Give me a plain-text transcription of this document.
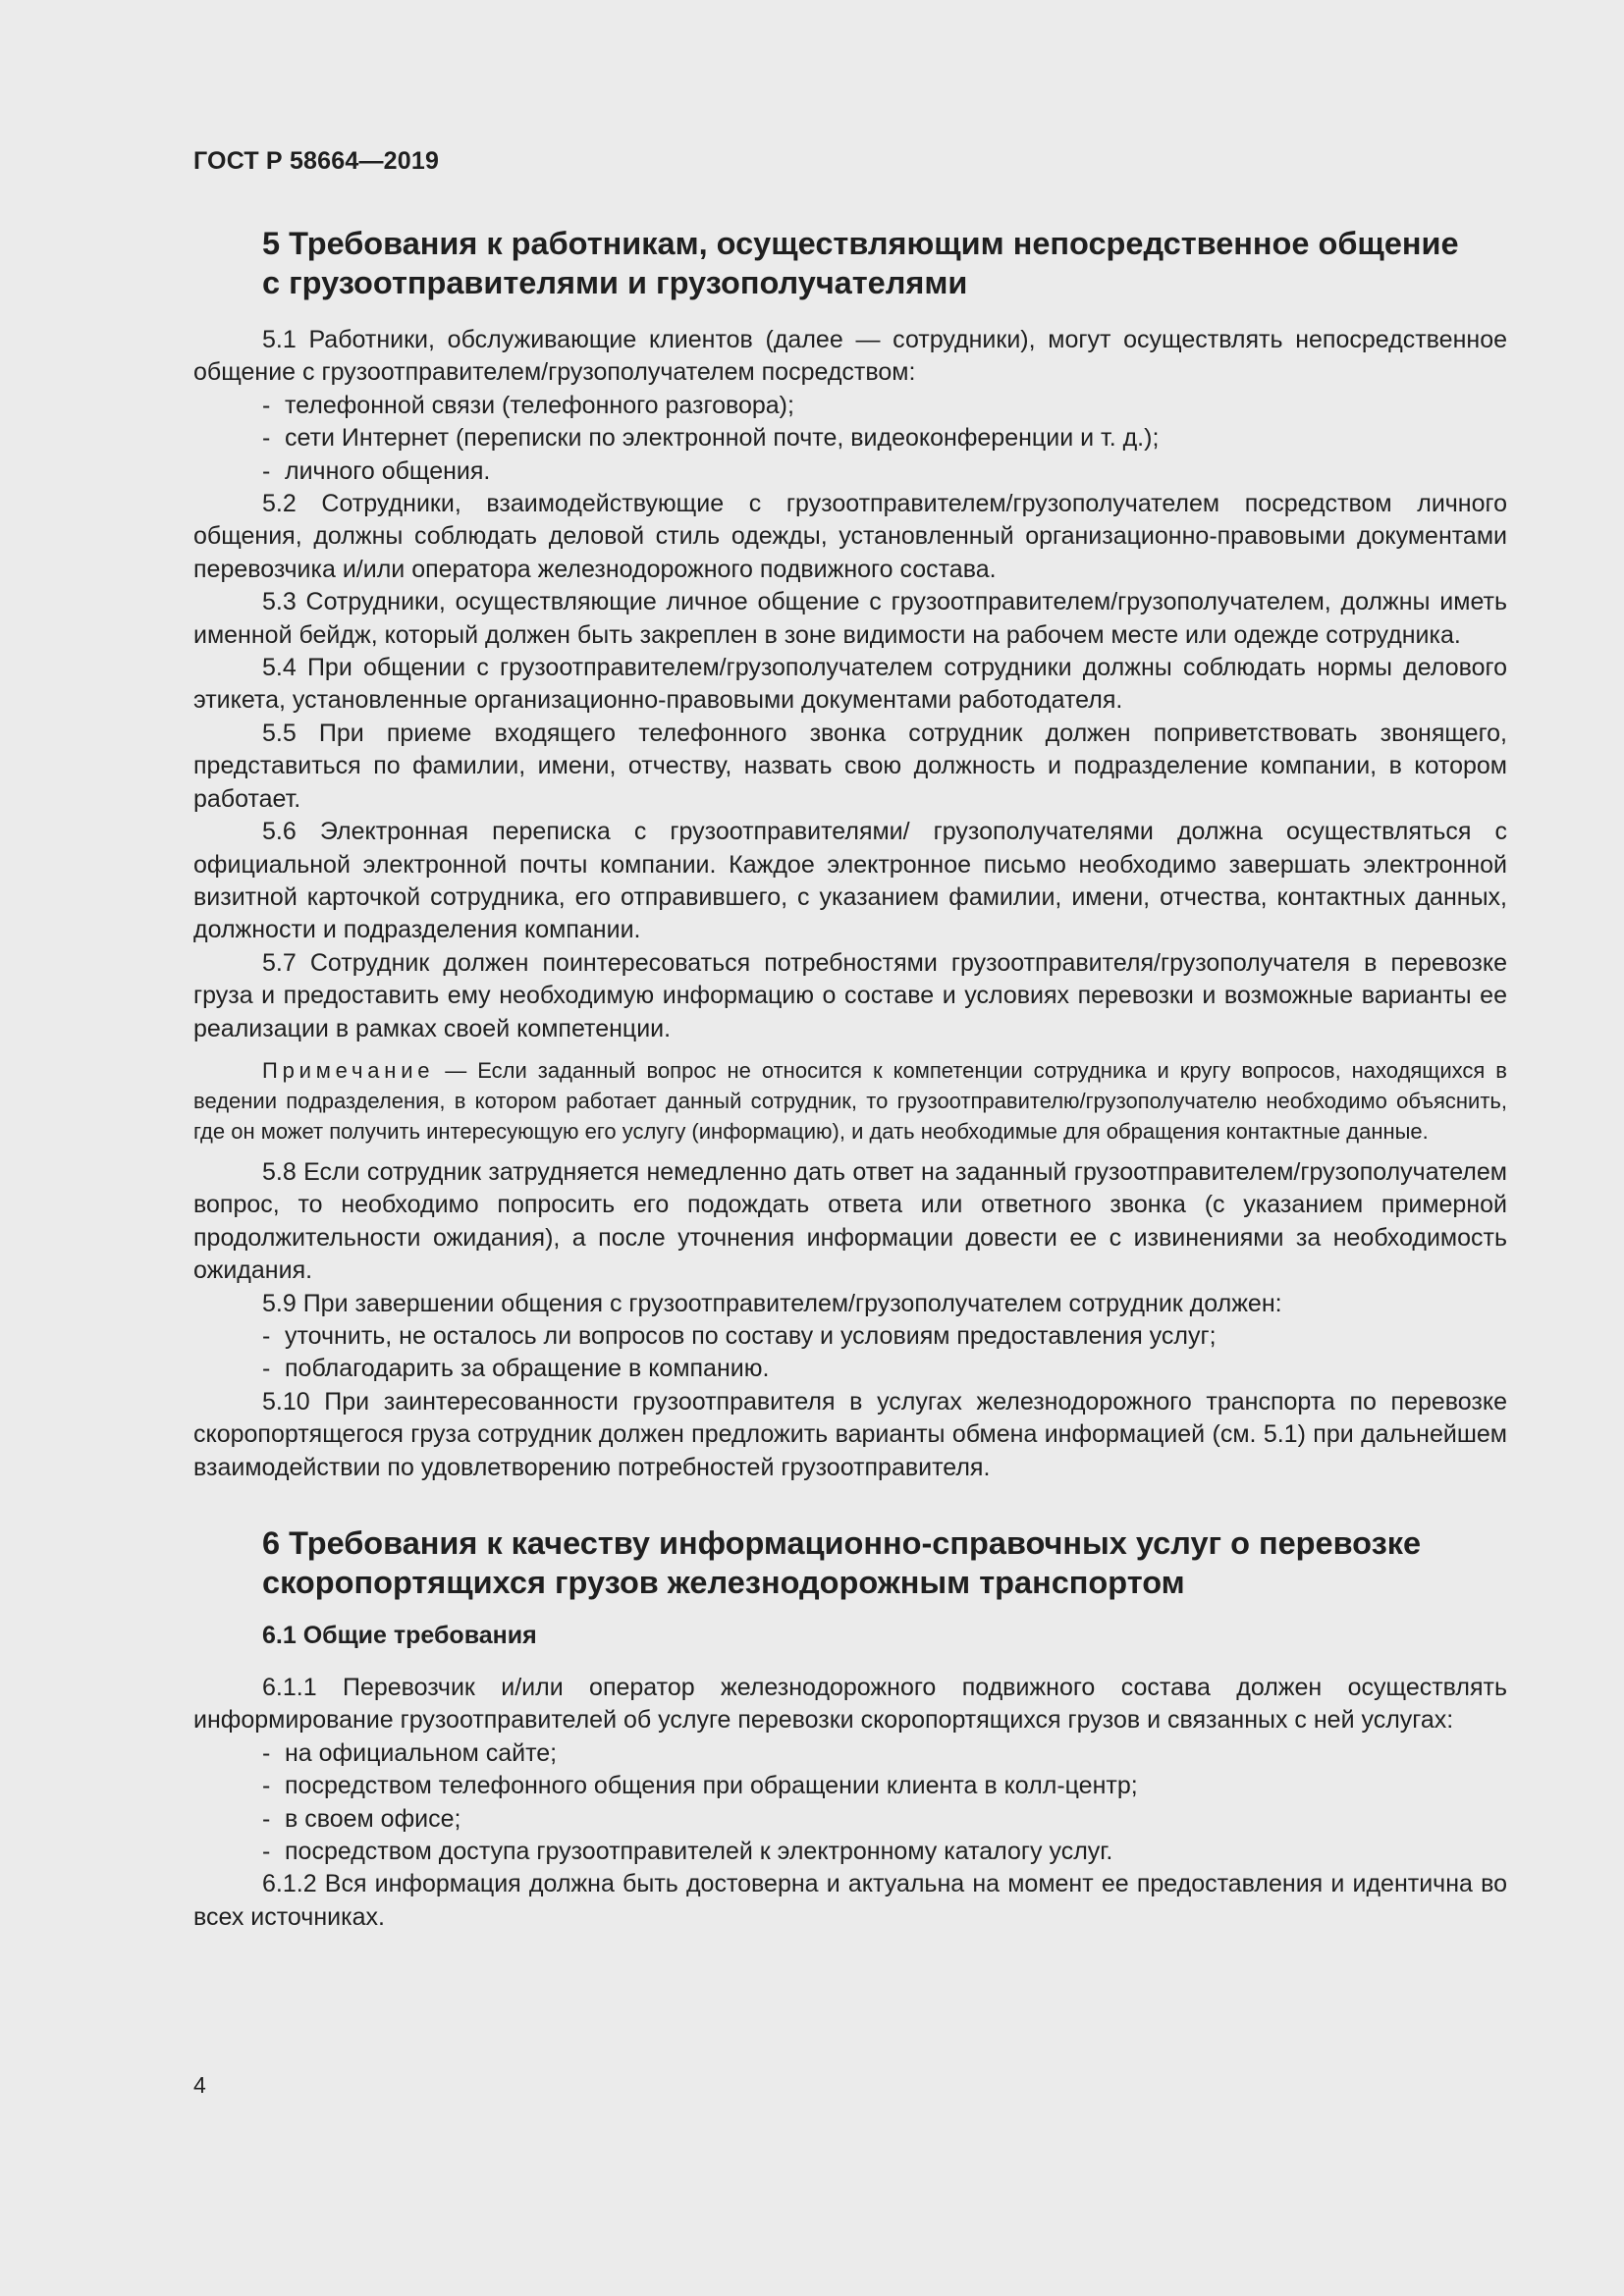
ГОСТ Р 58664—2019
5 Требования к работникам, осуществляющим непосредственное общение
с грузоотправителями и грузополучателями

5.1 Работники, обслуживающие клиентов (далее — сотрудники), могут осуществлять непосредственное общение с грузоотправителем/грузополучателем посредством:

- телефонной связи (телефонного разговора);

- сети Интернет (переписки по электронной почте, видеоконференции и т. д.);

- личного общения.

5.2 Сотрудники, взаимодействующие с грузоотправителем/грузополучателем посредством личного общения, должны соблюдать деловой стиль одежды, установленный организационно-правовыми документами перевозчика и/или оператора железнодорожного подвижного состава.

5.3 Сотрудники, осуществляющие личное общение с грузоотправителем/грузополучателем, должны иметь именной бейдж, который должен быть закреплен в зоне видимости на рабочем месте или одежде сотрудника.

5.4 При общении с грузоотправителем/грузополучателем сотрудники должны соблюдать нормы делового этикета, установленные организационно-правовыми документами работодателя.

5.5 При приеме входящего телефонного звонка сотрудник должен поприветствовать звонящего, представиться по фамилии, имени, отчеству, назвать свою должность и подразделение компании, в котором работает.

5.6 Электронная переписка с грузоотправителями/ грузополучателями должна осуществляться с официальной электронной почты компании. Каждое электронное письмо необходимо завершать электронной визитной карточкой сотрудника, его отправившего, с указанием фамилии, имени, отчества, контактных данных, должности и подразделения компании.

5.7 Сотрудник должен поинтересоваться потребностями грузоотправителя/грузополучателя в перевозке груза и предоставить ему необходимую информацию о составе и условиях перевозки и возможные варианты ее реализации в рамках своей компетенции.

Примечание — Если заданный вопрос не относится к компетенции сотрудника и кругу вопросов, находящихся в ведении подразделения, в котором работает данный сотрудник, то грузоотправителю/грузополучателю необходимо объяснить, где он может получить интересующую его услугу (информацию), и дать необходимые для обращения контактные данные.

5.8 Если сотрудник затрудняется немедленно дать ответ на заданный грузоотправителем/грузополучателем вопрос, то необходимо попросить его подождать ответа или ответного звонка (с указанием примерной продолжительности ожидания), а после уточнения информации довести ее с извинениями за необходимость ожидания.

5.9 При завершении общения с грузоотправителем/грузополучателем сотрудник должен:

- уточнить, не осталось ли вопросов по составу и условиям предоставления услуг;

- поблагодарить за обращение в компанию.

5.10 При заинтересованности грузоотправителя в услугах железнодорожного транспорта по перевозке скоропортящегося груза сотрудник должен предложить варианты обмена информацией (см. 5.1) при дальнейшем взаимодействии по удовлетворению потребностей грузоотправителя.

6 Требования к качеству информационно-справочных услуг о перевозке
скоропортящихся грузов железнодорожным транспортом
6.1 Общие требования

6.1.1 Перевозчик и/или оператор железнодорожного подвижного состава должен осуществлять информирование грузоотправителей об услуге перевозки скоропортящихся грузов и связанных с ней услугах:

- на официальном сайте;

- посредством телефонного общения при обращении клиента в колл-центр;

- в своем офисе;

- посредством доступа грузоотправителей к электронному каталогу услуг.

6.1.2 Вся информация должна быть достоверна и актуальна на момент ее предоставления и идентична во всех источниках.

4
